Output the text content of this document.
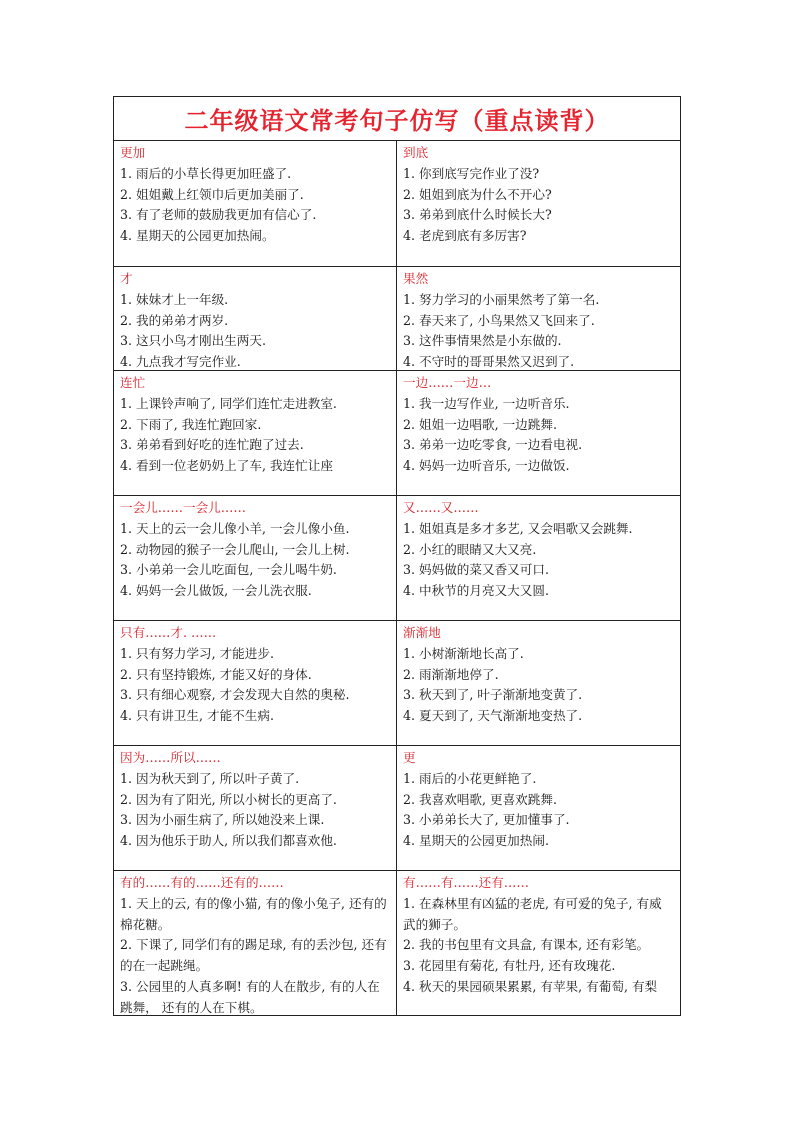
二年级语文常考句子仿写（重点读背）
更加
1. 雨后的小草长得更加旺盛了.
2. 姐姐戴上红领巾后更加美丽了.
3. 有了老师的鼓励我更加有信心了.
4. 星期天的公园更加热闹。
到底
1. 你到底写完作业了没?
2. 姐姐到底为什么不开心?
3. 弟弟到底什么时候长大?
4. 老虎到底有多厉害?
才
1. 妹妹才上一年级.
2. 我的弟弟才两岁.
3. 这只小鸟才刚出生两天.
4. 九点我才写完作业.
果然
1. 努力学习的小丽果然考了第一名.
2. 春天来了, 小鸟果然又飞回来了.
3. 这件事情果然是小东做的.
4. 不守时的哥哥果然又迟到了.
连忙
1. 上课铃声响了, 同学们连忙走进教室.
2. 下雨了, 我连忙跑回家.
3. 弟弟看到好吃的连忙跑了过去.
4. 看到一位老奶奶上了车, 我连忙让座
一边……一边…
1. 我一边写作业, 一边听音乐.
2. 姐姐一边唱歌, 一边跳舞.
3. 弟弟一边吃零食, 一边看电视.
4. 妈妈一边听音乐, 一边做饭.
一会儿……一会儿……
1. 天上的云一会儿像小羊, 一会儿像小鱼.
2. 动物园的猴子一会儿爬山, 一会儿上树.
3. 小弟弟一会儿吃面包, 一会儿喝牛奶.
4. 妈妈一会儿做饭, 一会儿洗衣服.
又……又……
1. 姐姐真是多才多艺, 又会唱歌又会跳舞.
2. 小红的眼睛又大又亮.
3. 妈妈做的菜又香又可口.
4. 中秋节的月亮又大又圆.
只有……才. ……
1. 只有努力学习, 才能进步.
2. 只有坚持锻炼, 才能又好的身体.
3. 只有细心观察, 才会发现大自然的奥秘.
4. 只有讲卫生, 才能不生病.
渐渐地
1. 小树渐渐地长高了.
2. 雨渐渐地停了.
3. 秋天到了, 叶子渐渐地变黄了.
4. 夏天到了, 天气渐渐地变热了.
因为……所以……
1. 因为秋天到了, 所以叶子黄了.
2. 因为有了阳光, 所以小树长的更高了.
3. 因为小丽生病了, 所以她没来上课.
4. 因为他乐于助人, 所以我们都喜欢他.
更
1. 雨后的小花更鲜艳了.
2. 我喜欢唱歌, 更喜欢跳舞.
3. 小弟弟长大了, 更加懂事了.
4. 星期天的公园更加热闹.
有的……有的……还有的……
1. 天上的云, 有的像小猫, 有的像小兔子, 还有的棉花糖。
2. 下课了, 同学们有的踢足球, 有的丢沙包, 还有的在一起跳绳。
3. 公园里的人真多啊! 有的人在散步, 有的人在跳舞， 还有的人在下棋。
有……有……还有……
1. 在森林里有凶猛的老虎, 有可爱的兔子, 有威武的狮子。
2. 我的书包里有文具盒, 有课本, 还有彩笔。
3. 花园里有菊花, 有牡丹, 还有玫瑰花.
4. 秋天的果园硕果累累, 有苹果, 有葡萄, 有梨
